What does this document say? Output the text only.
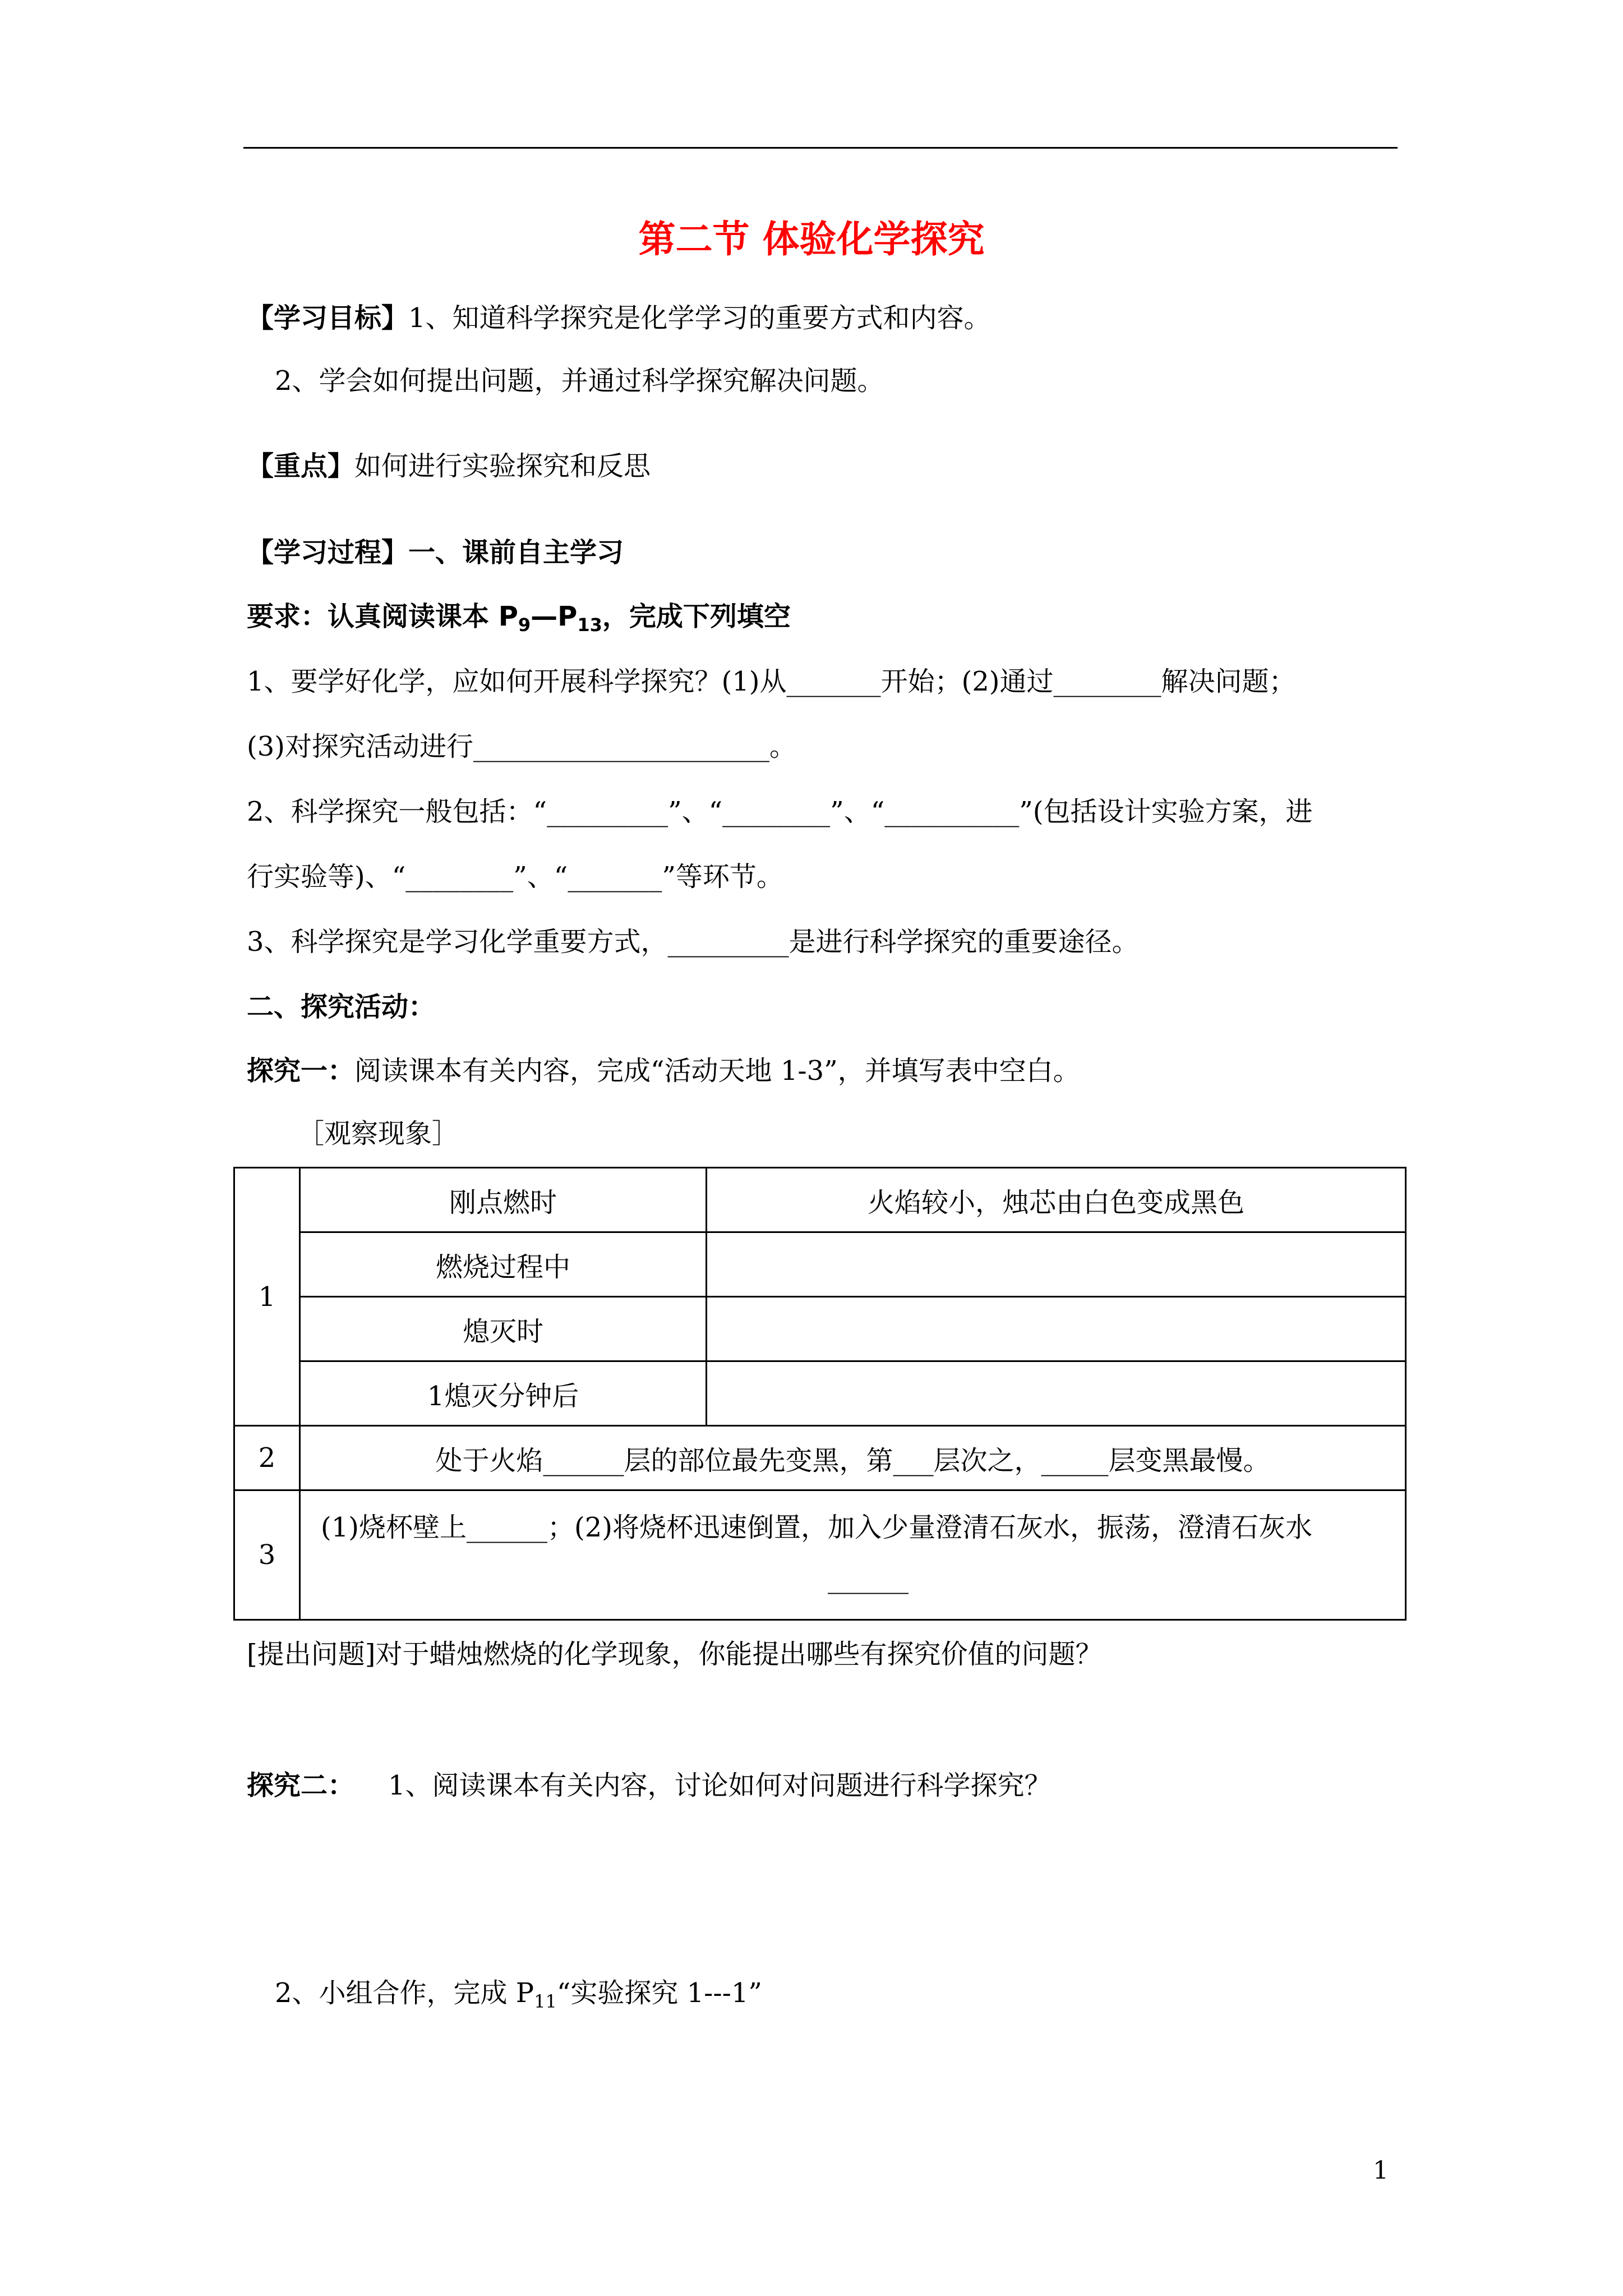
第二节 体验化学探究
【学习目标】1、知道科学探究是化学学习的重要方式和内容。
2、学会如何提出问题，并通过科学探究解决问题。
【重点】如何进行实验探究和反思
【学习过程】一、课前自主学习
要求：认真阅读课本 $P_9—P_{13}$，完成下列填空
1、要学好化学，应如何开展科学探究？(1)从_______开始；(2)通过________解决问题；
(3)对探究活动进行______________________。
2、科学探究一般包括：“_________”、“________”、“__________”(包括设计实验方案，进
行实验等)、“________”、“_______”等环节。
3、科学探究是学习化学重要方式，_________是进行科学探究的重要途径。
二、探究活动：
探究一：阅读课本有关内容，完成“活动天地 1-3”，并填写表中空白。
［观察现象］
1	刚点燃时	火焰较小，烛芯由白色变成黑色
	燃烧过程中	
	熄灭时	
	1熄灭分钟后	
2	处于火焰______层的部位最先变黑，第___层次之，_____层变黑最慢。	
3	(1)烧杯壁上______；(2)将烧杯迅速倒置，加入少量澄清石灰水，振荡，澄清石灰水
______	
[提出问题]对于蜡烛燃烧的化学现象，你能提出哪些有探究价值的问题？
探究二： 1、阅读课本有关内容，讨论如何对问题进行科学探究？
2、小组合作，完成 $P_{11}“$实验探究 1---1”
1
